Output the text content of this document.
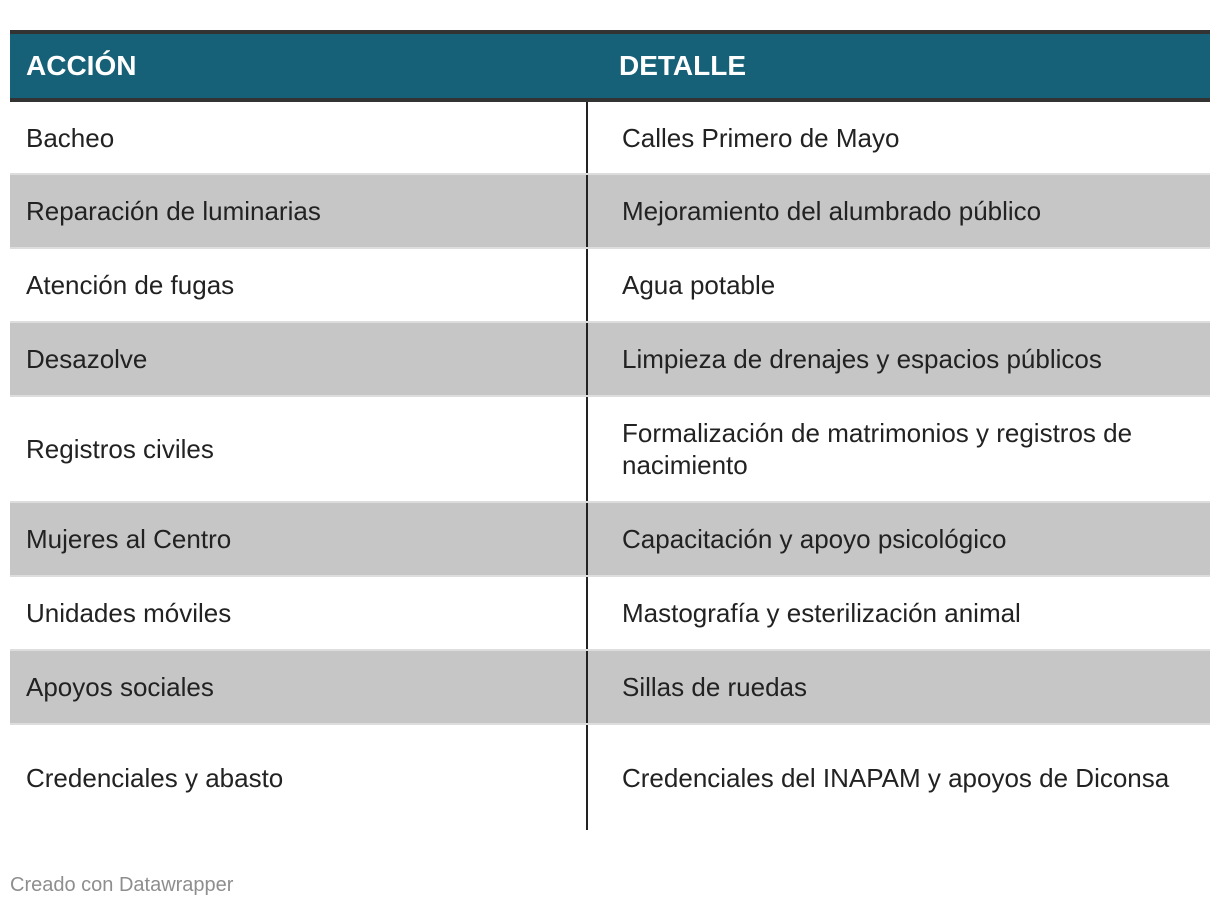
ACCIÓN	DETALLE
Bacheo	Calles Primero de Mayo
Reparación de luminarias	Mejoramiento del alumbrado público
Atención de fugas	Agua potable
Desazolve	Limpieza de drenajes y espacios públicos
Registros civiles	Formalización de matrimonios y registros de nacimiento
Mujeres al Centro	Capacitación y apoyo psicológico
Unidades móviles	Mastografía y esterilización animal
Apoyos sociales	Sillas de ruedas
Credenciales y abasto	Credenciales del INAPAM y apoyos de Diconsa
Creado con Datawrapper
